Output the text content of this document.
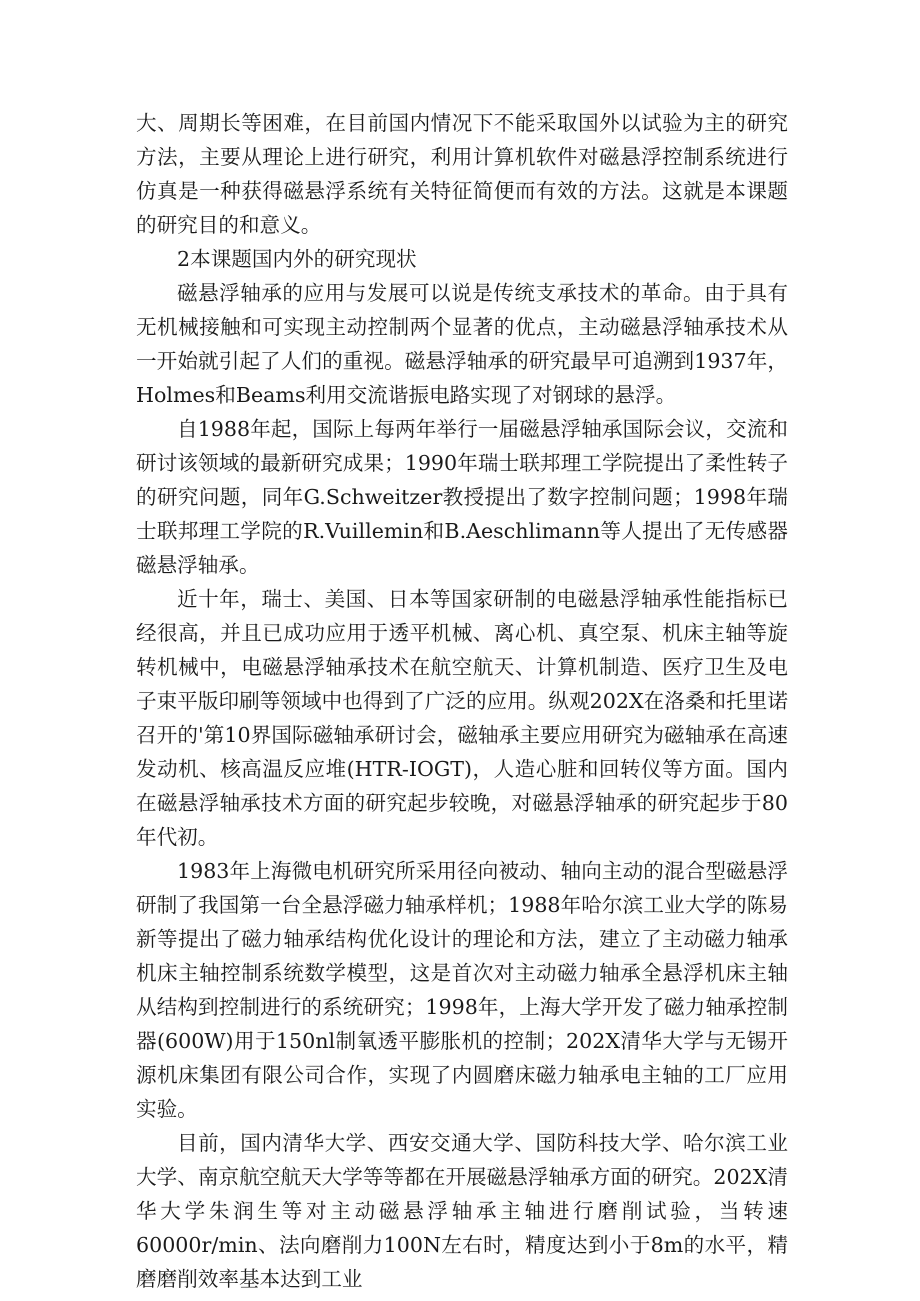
大、周期长等困难，在目前国内情况下不能采取国外以试验为主的研究方法，主要从理论上进行研究，利用计算机软件对磁悬浮控制系统进行仿真是一种获得磁悬浮系统有关特征简便而有效的方法。这就是本课题的研究目的和意义。

2本课题国内外的研究现状

磁悬浮轴承的应用与发展可以说是传统支承技术的革命。由于具有无机械接触和可实现主动控制两个显著的优点，主动磁悬浮轴承技术从一开始就引起了人们的重视。磁悬浮轴承的研究最早可追溯到1937年，Holmes和Beams利用交流谐振电路实现了对钢球的悬浮。

自1988年起，国际上每两年举行一届磁悬浮轴承国际会议，交流和研讨该领域的最新研究成果；1990年瑞士联邦理工学院提出了柔性转子的研究问题，同年G.Schweitzer教授提出了数字控制问题；1998年瑞士联邦理工学院的R.Vuillemin和B.Aeschlimann等人提出了无传感器磁悬浮轴承。

近十年，瑞士、美国、日本等国家研制的电磁悬浮轴承性能指标已经很高，并且已成功应用于透平机械、离心机、真空泵、机床主轴等旋转机械中，电磁悬浮轴承技术在航空航天、计算机制造、医疗卫生及电子束平版印刷等领域中也得到了广泛的应用。纵观202X在洛桑和托里诺召开的'第10界国际磁轴承研讨会，磁轴承主要应用研究为磁轴承在高速发动机、核高温反应堆(HTR-IOGT)，人造心脏和回转仪等方面。国内在磁悬浮轴承技术方面的研究起步较晚，对磁悬浮轴承的研究起步于80年代初。

1983年上海微电机研究所采用径向被动、轴向主动的混合型磁悬浮研制了我国第一台全悬浮磁力轴承样机；1988年哈尔滨工业大学的陈易新等提出了磁力轴承结构优化设计的理论和方法，建立了主动磁力轴承机床主轴控制系统数学模型，这是首次对主动磁力轴承全悬浮机床主轴从结构到控制进行的系统研究；1998年，上海大学开发了磁力轴承控制器(600W)用于150nl制氧透平膨胀机的控制；202X清华大学与无锡开源机床集团有限公司合作，实现了内圆磨床磁力轴承电主轴的工厂应用实验。

目前，国内清华大学、西安交通大学、国防科技大学、哈尔滨工业大学、南京航空航天大学等等都在开展磁悬浮轴承方面的研究。202X清华大学朱润生等对主动磁悬浮轴承主轴进行磨削试验，当转速60000r/min、法向磨削力100N左右时，精度达到小于8m的水平，精磨磨削效率基本达到工业
